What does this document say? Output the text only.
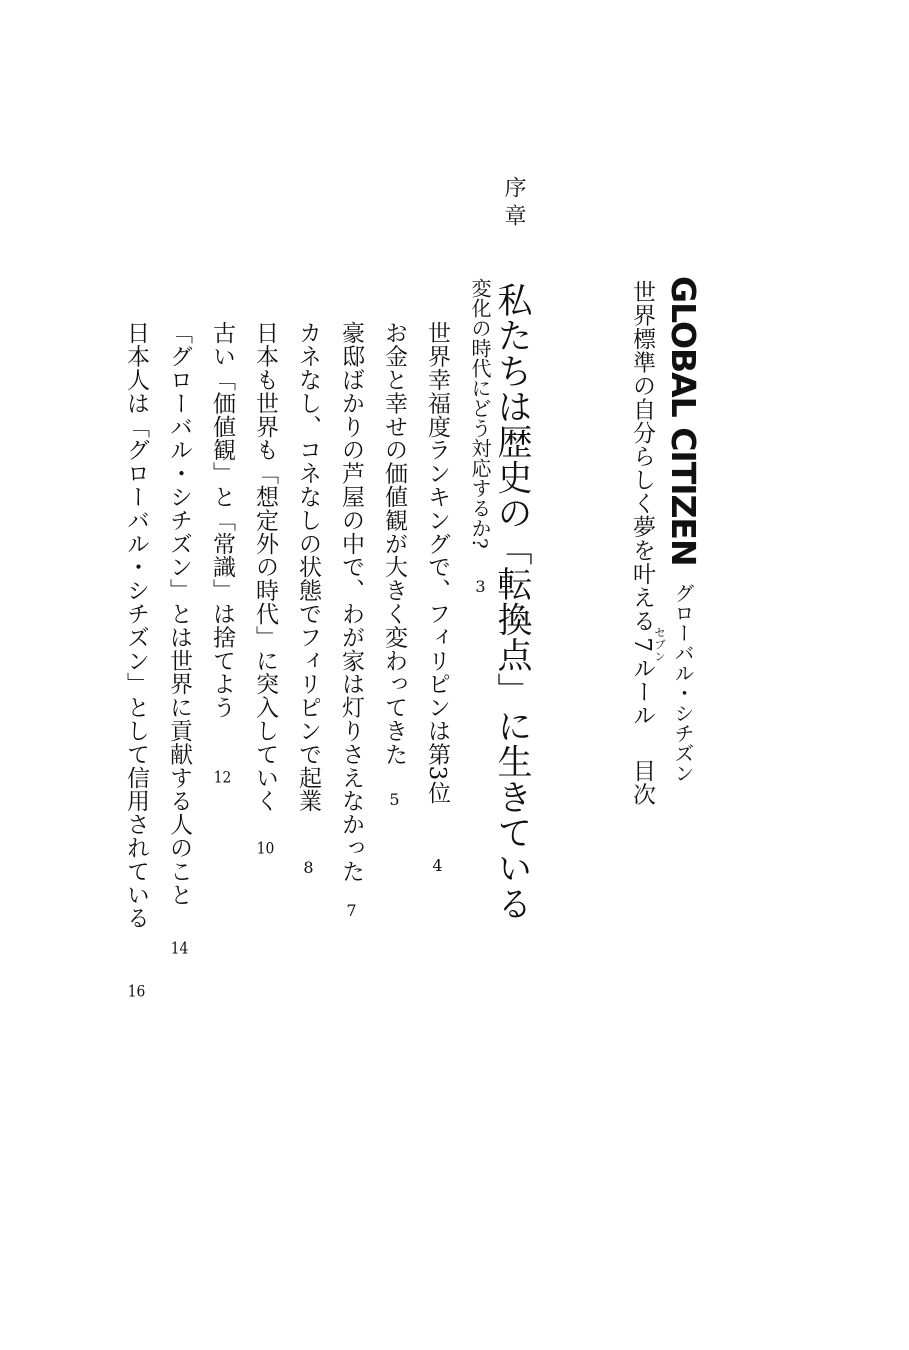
GLOBAL CITIZEN グローバル・シチズン
世界標準の自分らしく夢を叶える7セブンルール 目次
序章
私たちは歴史の「転換点」に生きている
変化の時代にどう対応するか? 3
世界幸福度ランキングで、フィリピンは第3位4
お金と幸せの価値観が大きく変わってきた5
豪邸ばかりの芦屋の中で、わが家は灯りさえなかった7
カネなし、コネなしの状態でフィリピンで起業8
日本も世界も「想定外の時代」に突入していく10
古い「価値観」と「常識」は捨てよう12
「グローバル・シチズン」とは世界に貢献する人のこと14
日本人は「グローバル・シチズン」として信用されている16
